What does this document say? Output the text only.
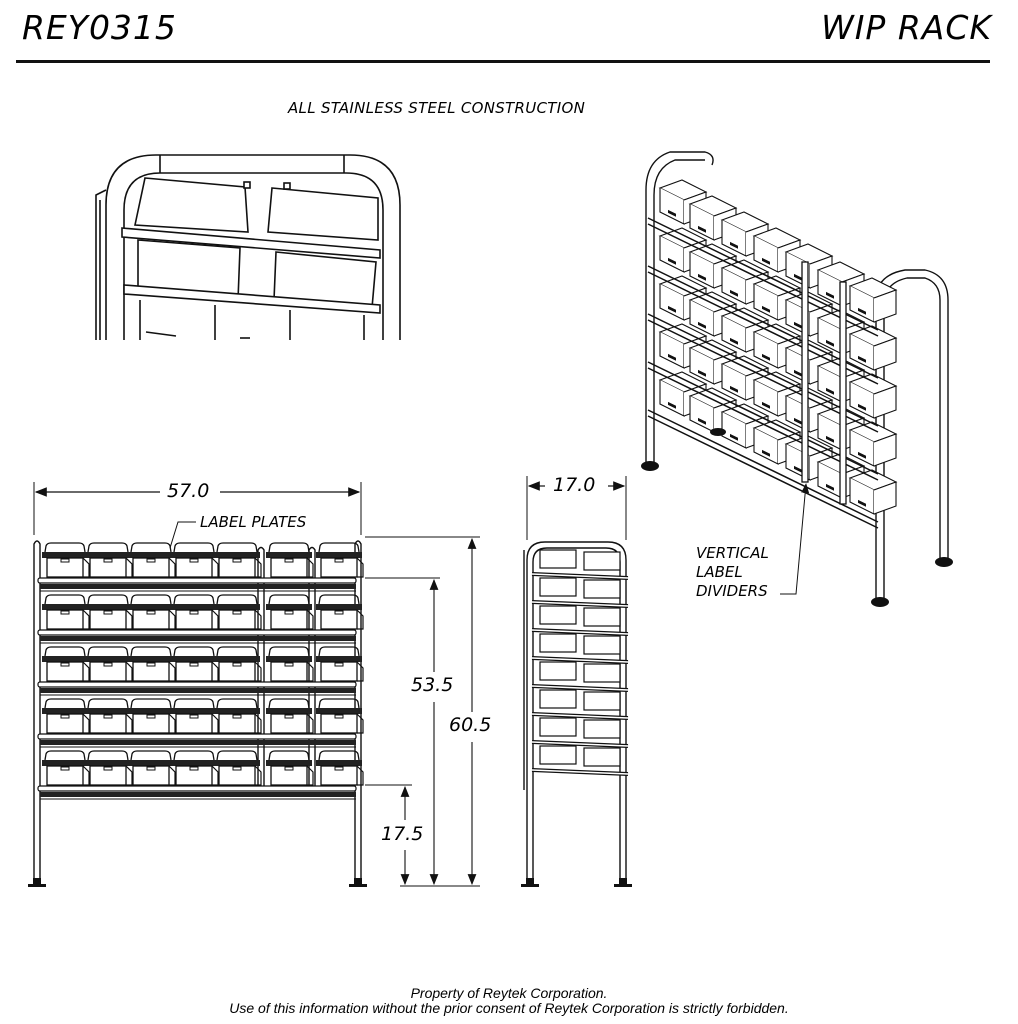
REY0315	WIP RACK
ALL STAINLESS STEEL CONSTRUCTION
57.0
LABEL PLATES
53.5
60.5
17.5
17.0
VERTICAL
LABEL
DIVIDERS
Property of Reytek Corporation.
Use of this information without the prior consent of Reytek Corporation is strictly forbidden.
